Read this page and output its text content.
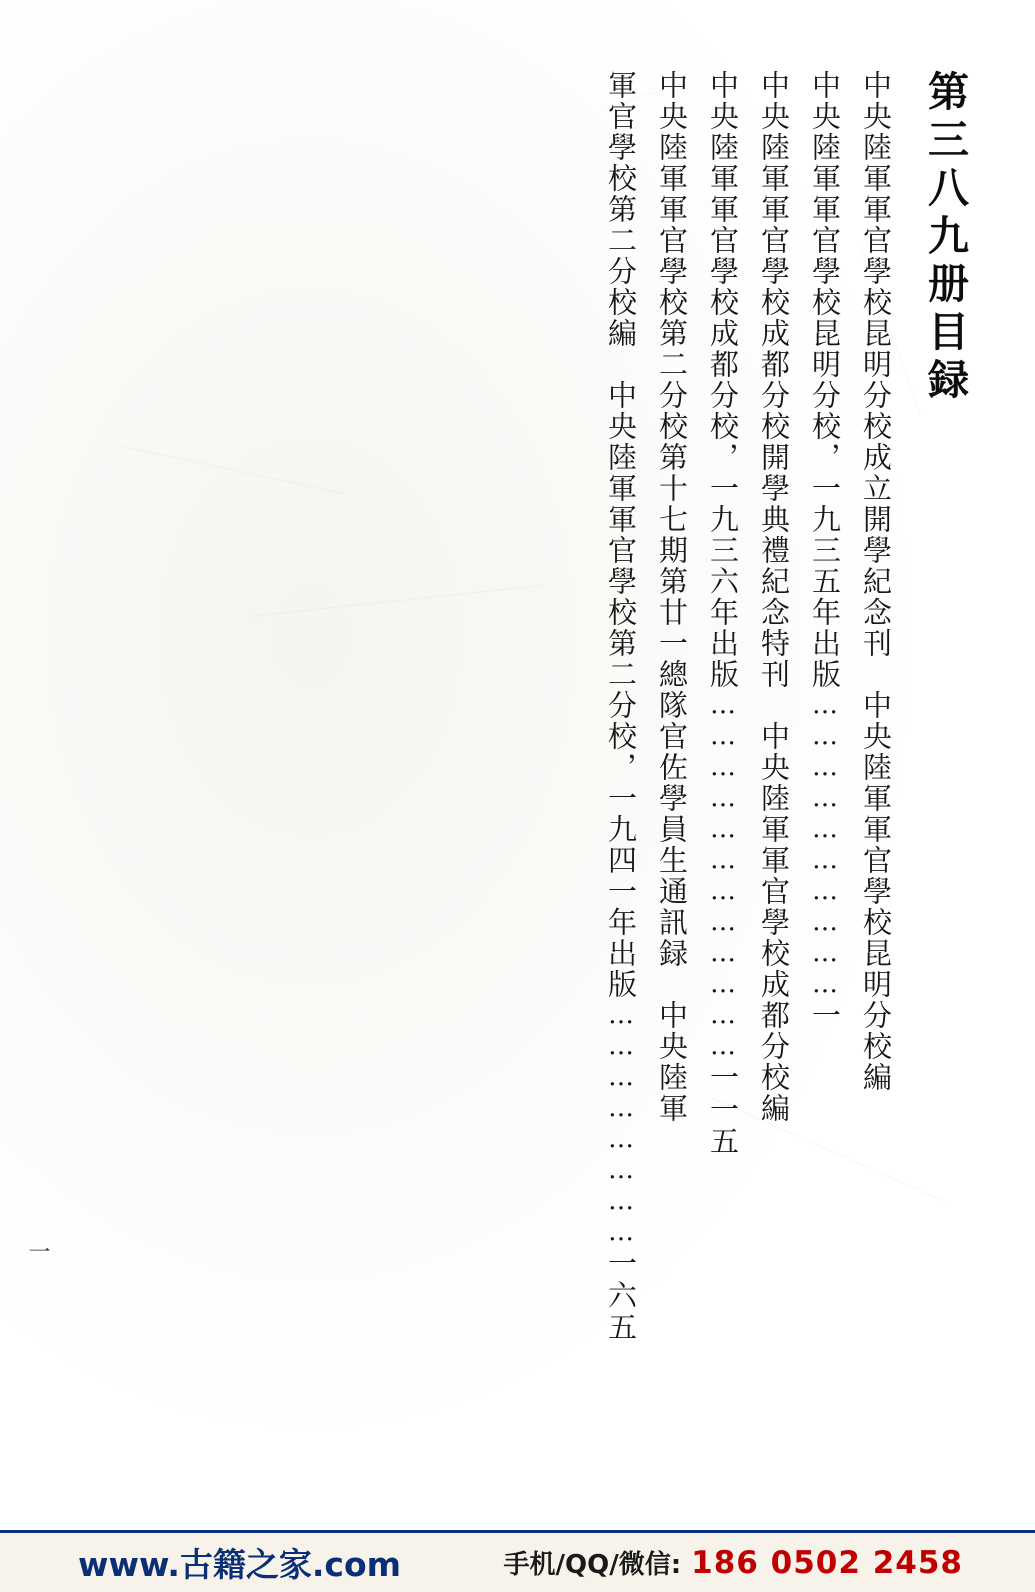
軍官學校第二分校編　中央陸軍軍官學校第二分校，一九四一年出版……………………一六五
中央陸軍軍官學校第二分校第十七期第廿一總隊官佐學員生通訊録　中央陸軍 中央陸軍軍官學校成都分校，一九三六年出版………………………………一一五 中央陸軍軍官學校成都分校開學典禮紀念特刊　中央陸軍軍官學校成都分校編 中央陸軍軍官學校昆明分校，一九三五年出版…………………………一 中央陸軍軍官學校昆明分校成立開學紀念刊　中央陸軍軍官學校昆明分校編 第三八九册目録
一
www.古籍之家.com	手机/QQ/微信: 186 0502 2458
